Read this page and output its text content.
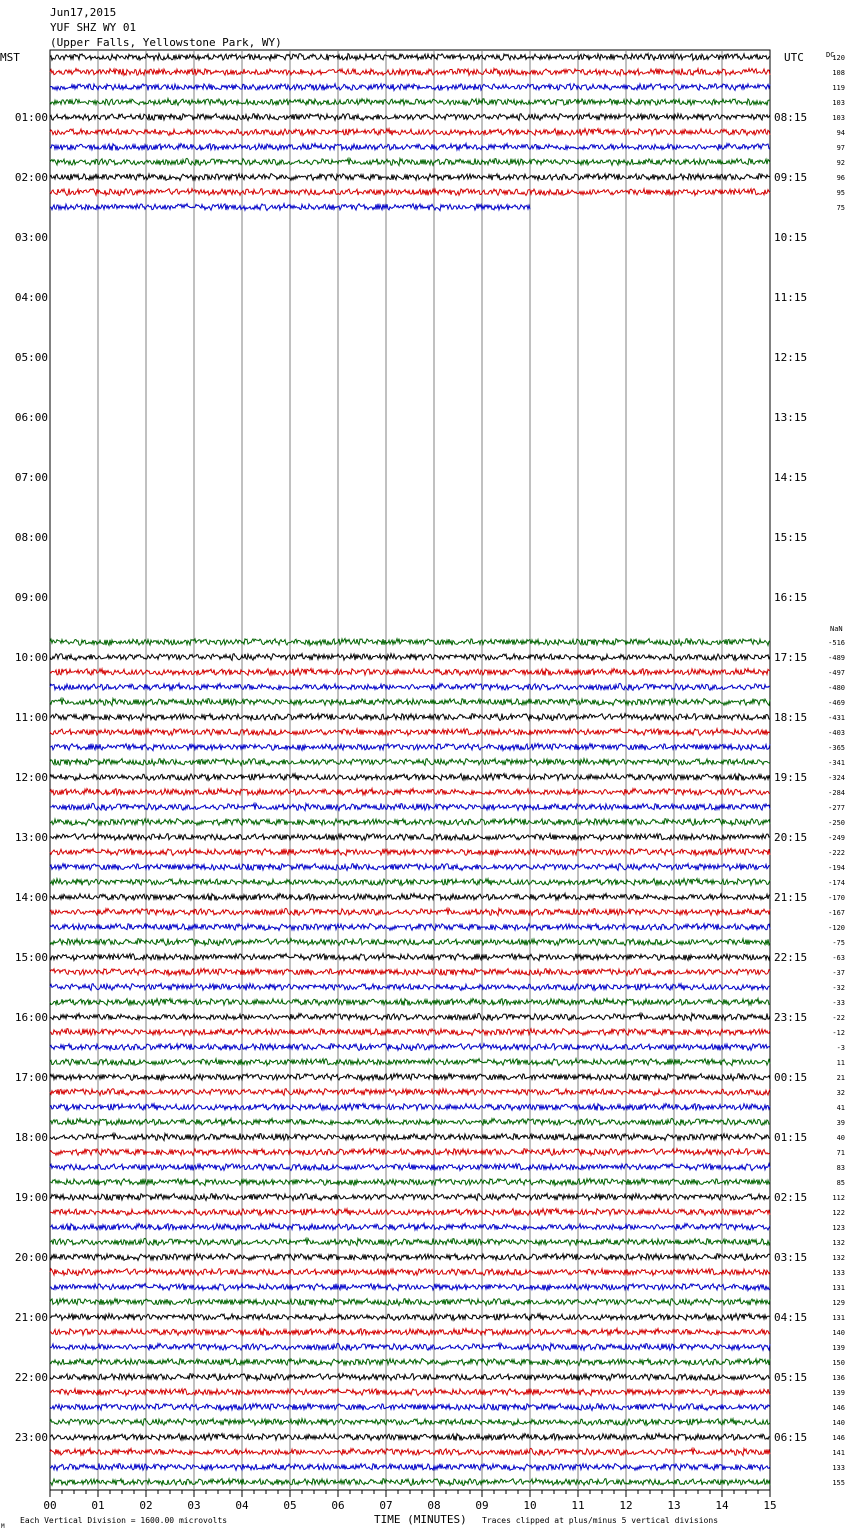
Jun17,2015
YUF SHZ WY 01
(Upper Falls, Yellowstone Park, WY)
MST	UTC	DC
NaN
01:00
02:00
03:00
04:00
05:00
06:00
07:00
08:00
09:00
10:00
11:00
12:00
13:00
14:00
15:00
16:00
17:00
18:00
19:00
20:00
21:00
22:00
23:00
08:15
09:15
10:15
11:15
12:15
13:15
14:15
15:15
16:15
17:15
18:15
19:15
20:15
21:15
22:15
23:15
00:15
01:15
02:15
03:15
04:15
05:15
06:15
120
108
119
103
103
94
97
92
96
95
75
-516
-489
-497
-480
-469
-431
-403
-365
-341
-324
-284
-277
-250
-249
-222
-194
-174
-170
-167
-120
-75
-63
-37
-32
-33
-22
-12
-3
11
21
32
41
39
40
71
83
85
112
122
123
132
132
133
131
129
131
140
139
150
136
139
146
140
146
141
133
155
00	01	02	03	04	05	06	07	08	09	10	11	12	13	14	15
M
Each Vertical Division = 1600.00 microvolts	TIME (MINUTES) Traces clipped at plus/minus 5 vertical divisions
